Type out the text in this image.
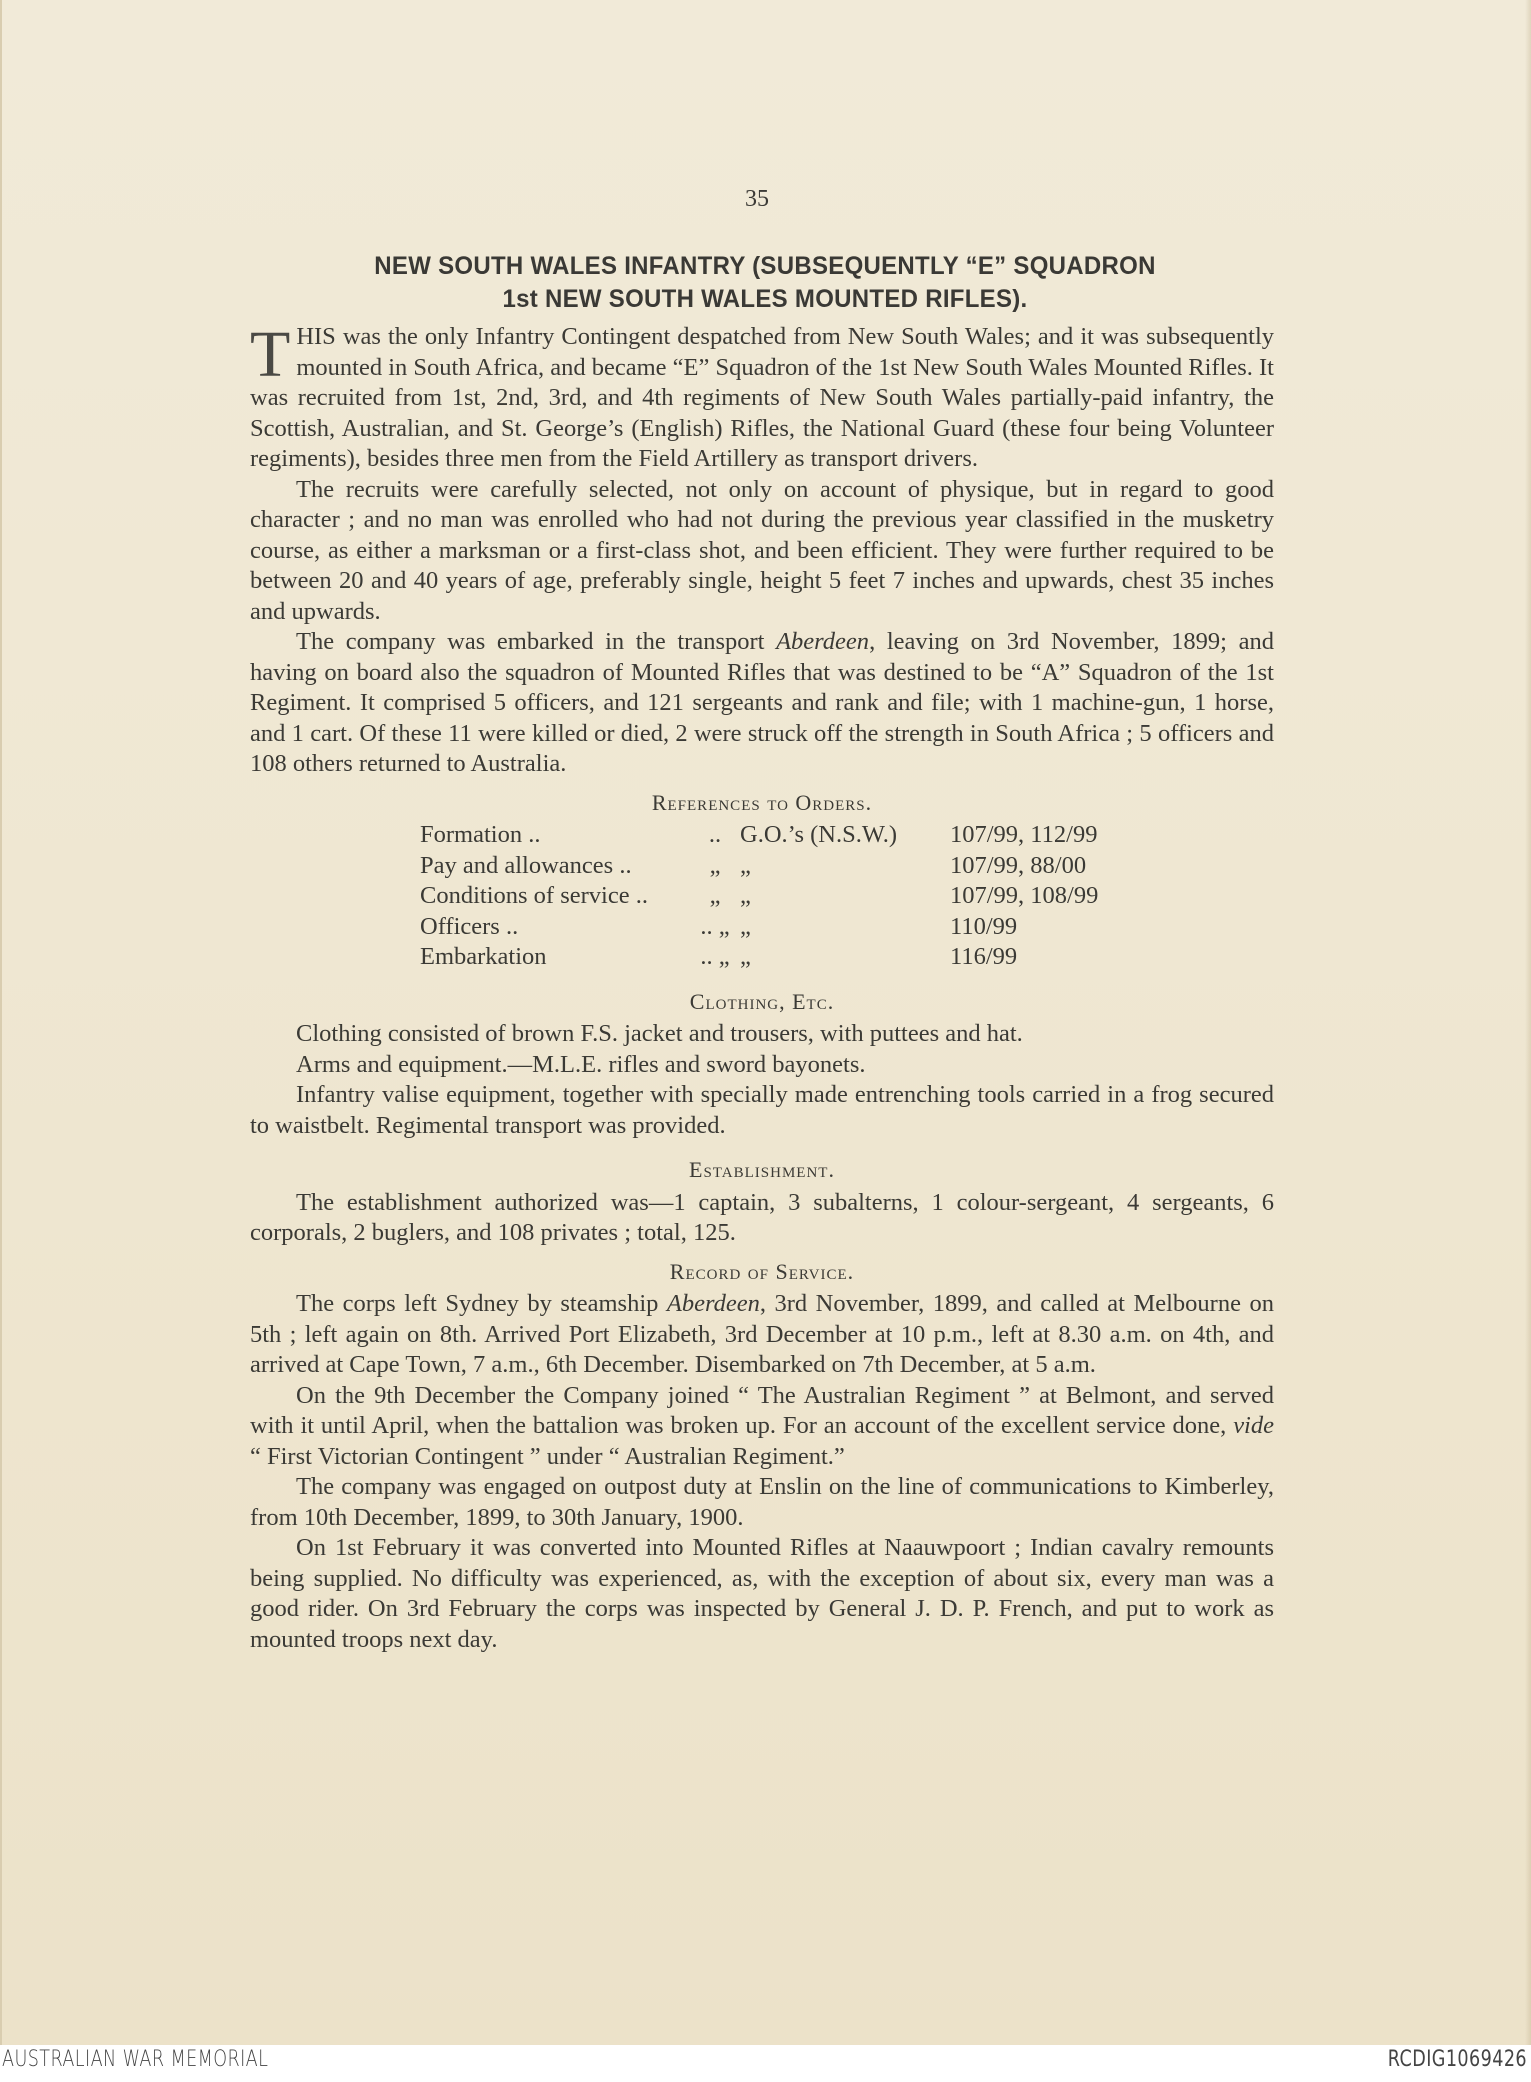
35
NEW SOUTH WALES INFANTRY (SUBSEQUENTLY “E” SQUADRON
1st NEW SOUTH WALES MOUNTED RIFLES).

THIS was the only Infantry Contingent despatched from New South Wales; and it was subsequently mounted in South Africa, and became “E” Squadron of the 1st New South Wales Mounted Rifles. It was recruited from 1st, 2nd, 3rd, and 4th regiments of New South Wales partially-paid infantry, the Scottish, Australian, and St. George’s (English) Rifles, the National Guard (these four being Volunteer regiments), besides three men from the Field Artillery as transport drivers.

The recruits were carefully selected, not only on account of physique, but in regard to good character ; and no man was enrolled who had not during the previous year classified in the musketry course, as either a marksman or a first-class shot, and been efficient. They were further required to be between 20 and 40 years of age, preferably single, height 5 feet 7 inches and upwards, chest 35 inches and upwards.

The company was embarked in the transport Aberdeen, leaving on 3rd November, 1899; and having on board also the squadron of Mounted Rifles that was destined to be “A” Squadron of the 1st Regiment. It comprised 5 officers, and 121 sergeants and rank and file; with 1 machine-gun, 1 horse, and 1 cart. Of these 11 were killed or died, 2 were struck off the strength in South Africa ; 5 officers and 108 others returned to Australia.

References to Orders.
Formation ..	..	G.O.’s (N.S.W.)	107/99, 112/99
Pay and allowances ..	„	„	107/99, 88/00
Conditions of service ..	„	„	107/99, 108/99
Officers ..	.. „	„	110/99
Embarkation	.. „	„	116/99
Clothing, Etc.

Clothing consisted of brown F.S. jacket and trousers, with puttees and hat.

Arms and equipment.—M.L.E. rifles and sword bayonets.

Infantry valise equipment, together with specially made entrenching tools carried in a frog secured to waistbelt. Regimental transport was provided.

Establishment.

The establishment authorized was—1 captain, 3 subalterns, 1 colour-sergeant, 4 sergeants, 6 corporals, 2 buglers, and 108 privates ; total, 125.

Record of Service.

The corps left Sydney by steamship Aberdeen, 3rd November, 1899, and called at Melbourne on 5th ; left again on 8th. Arrived Port Elizabeth, 3rd December at 10 p.m., left at 8.30 a.m. on 4th, and arrived at Cape Town, 7 a.m., 6th December. Disembarked on 7th December, at 5 a.m.

On the 9th December the Company joined “ The Australian Regiment ” at Belmont, and served with it until April, when the battalion was broken up. For an account of the excellent service done, vide “ First Victorian Contingent ” under “ Australian Regiment.”

The company was engaged on outpost duty at Enslin on the line of communications to Kimberley, from 10th December, 1899, to 30th January, 1900.

On 1st February it was converted into Mounted Rifles at Naauwpoort ; Indian cavalry remounts being supplied. No difficulty was experienced, as, with the exception of about six, every man was a good rider. On 3rd February the corps was inspected by General J. D. P. French, and put to work as mounted troops next day.

AUSTRALIAN WAR MEMORIAL	RCDIG1069426
